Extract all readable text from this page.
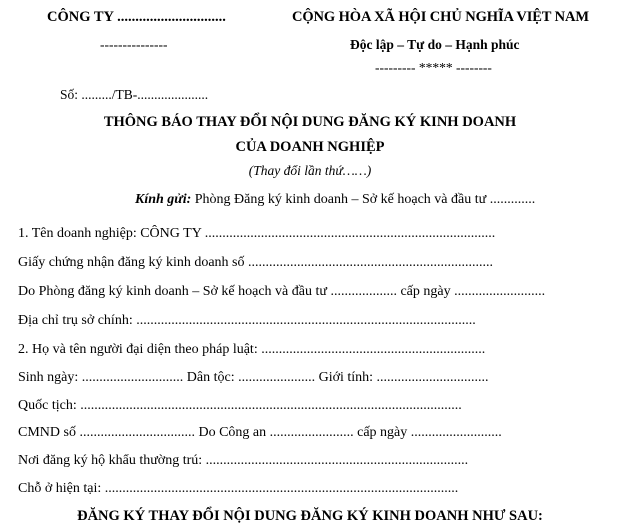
CÔNG TY ..............................
---------------
CỘNG HÒA XÃ HỘI CHỦ NGHĨA VIỆT NAM
Độc lập – Tự do – Hạnh phúc
--------- ***** --------
Số: ........./TB-.....................
THÔNG BÁO THAY ĐỔI NỘI DUNG ĐĂNG KÝ KINH DOANH
CỦA DOANH NGHIỆP
(Thay đổi lần thứ……)
Kính gửi: Phòng Đăng ký kinh doanh – Sở kế hoạch và đầu tư .............
1. Tên doanh nghiệp: CÔNG TY ...................................................................................
Giấy chứng nhận đăng ký kinh doanh số ......................................................................
Do Phòng đăng ký kinh doanh – Sở kế hoạch và đầu tư ................... cấp ngày ..........................
Địa chỉ trụ sở chính: .................................................................................................
2. Họ và tên người đại diện theo pháp luật: ................................................................
Sinh ngày: ............................. Dân tộc: ...................... Giới tính: ................................
Quốc tịch: .............................................................................................................
CMND số ................................. Do Công an ........................ cấp ngày ..........................
Nơi đăng ký hộ khẩu thường trú: ...........................................................................
Chỗ ở hiện tại: .....................................................................................................
ĐĂNG KÝ THAY ĐỔI NỘI DUNG ĐĂNG KÝ KINH DOANH NHƯ SAU:
